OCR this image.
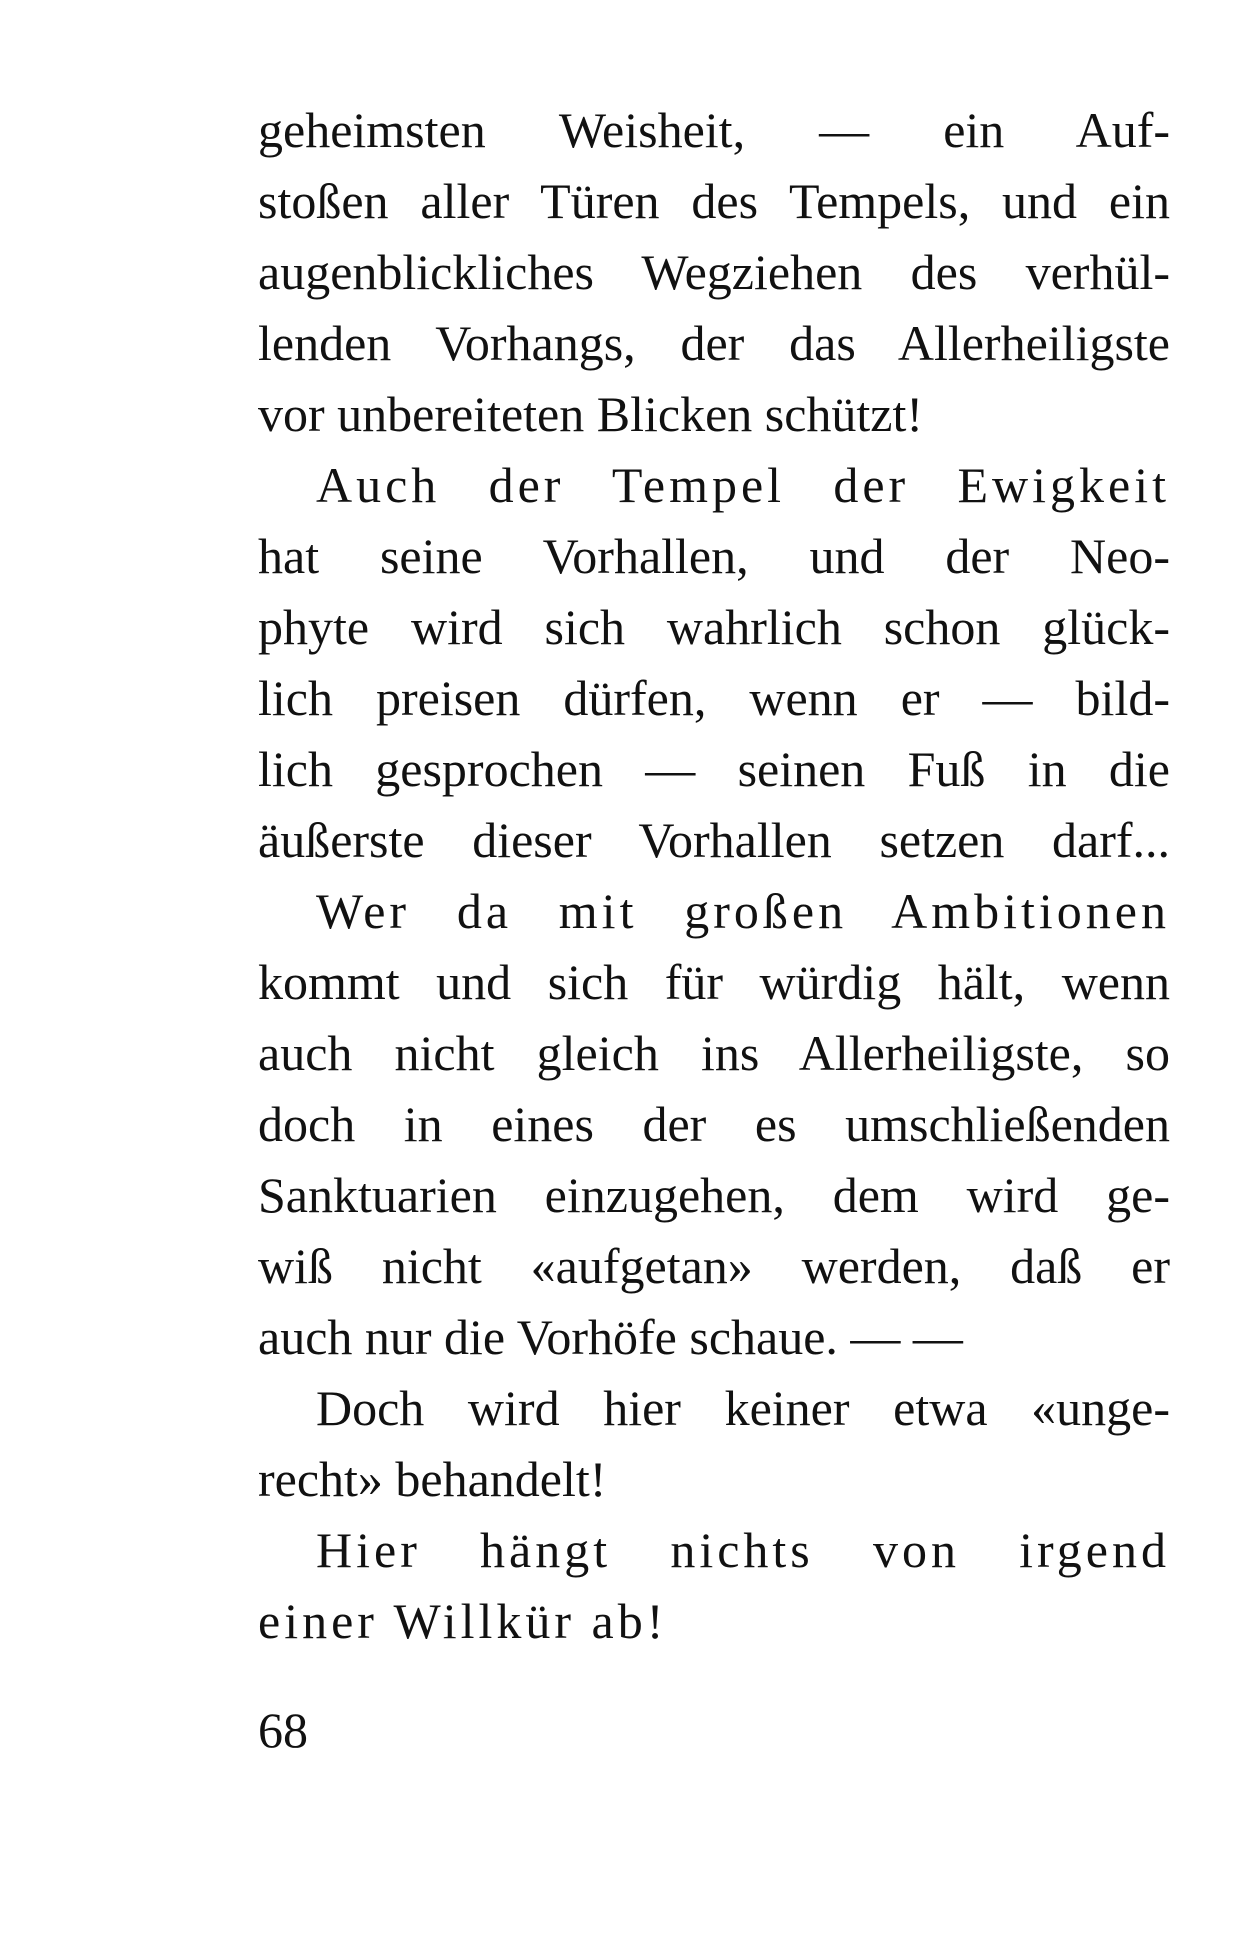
geheimsten Weisheit, — ein Auf-
stoßen aller Türen des Tempels, und ein
augenblickliches Wegziehen des verhül-
lenden Vorhangs, der das Allerheiligste
vor unbereiteten Blicken schützt!
Auch der Tempel der Ewigkeit
hat seine Vorhallen, und der Neo-
phyte wird sich wahrlich schon glück-
lich preisen dürfen, wenn er — bild-
lich gesprochen — seinen Fuß in die
äußerste dieser Vorhallen setzen darf...
Wer da mit großen Ambitionen
kommt und sich für würdig hält, wenn
auch nicht gleich ins Allerheiligste, so
doch in eines der es umschließenden
Sanktuarien einzugehen, dem wird ge-
wiß nicht «aufgetan» werden, daß er
auch nur die Vorhöfe schaue. — —
Doch wird hier keiner etwa «unge-
recht» behandelt!
Hier hängt nichts von irgend
einer Willkür ab!
68
